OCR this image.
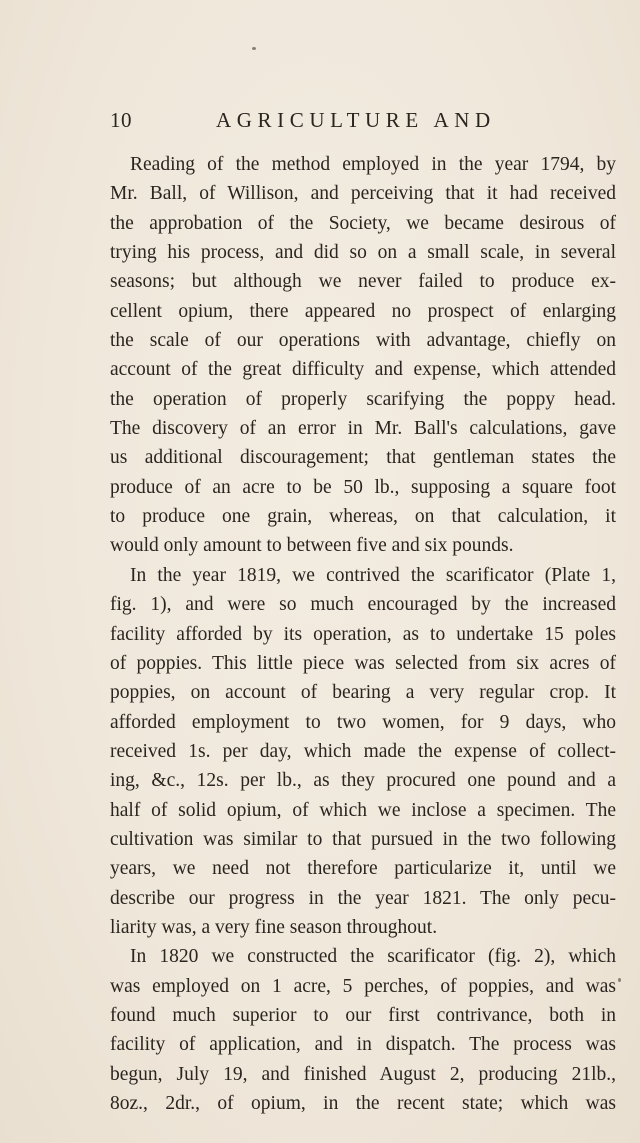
10	AGRICULTURE AND
Reading of the method employed in the year 1794, by
Mr. Ball, of Willison, and perceiving that it had received
the approbation of the Society, we became desirous of
trying his process, and did so on a small scale, in several
seasons; but although we never failed to produce ex-
cellent opium, there appeared no prospect of enlarging
the scale of our operations with advantage, chiefly on
account of the great difficulty and expense, which attended
the operation of properly scarifying the poppy head.
The discovery of an error in Mr. Ball's calculations, gave
us additional discouragement; that gentleman states the
produce of an acre to be 50 lb., supposing a square foot
to produce one grain, whereas, on that calculation, it
would only amount to between five and six pounds.
In the year 1819, we contrived the scarificator (Plate 1,
fig. 1), and were so much encouraged by the increased
facility afforded by its operation, as to undertake 15 poles
of poppies. This little piece was selected from six acres of
poppies, on account of bearing a very regular crop. It
afforded employment to two women, for 9 days, who
received 1s. per day, which made the expense of collect-
ing, &c., 12s. per lb., as they procured one pound and a
half of solid opium, of which we inclose a specimen. The
cultivation was similar to that pursued in the two following
years, we need not therefore particularize it, until we
describe our progress in the year 1821. The only pecu-
liarity was, a very fine season throughout.
In 1820 we constructed the scarificator (fig. 2), which
was employed on 1 acre, 5 perches, of poppies, and was
found much superior to our first contrivance, both in
facility of application, and in dispatch. The process was
begun, July 19, and finished August 2, producing 21lb.,
8oz., 2dr., of opium, in the recent state; which was
